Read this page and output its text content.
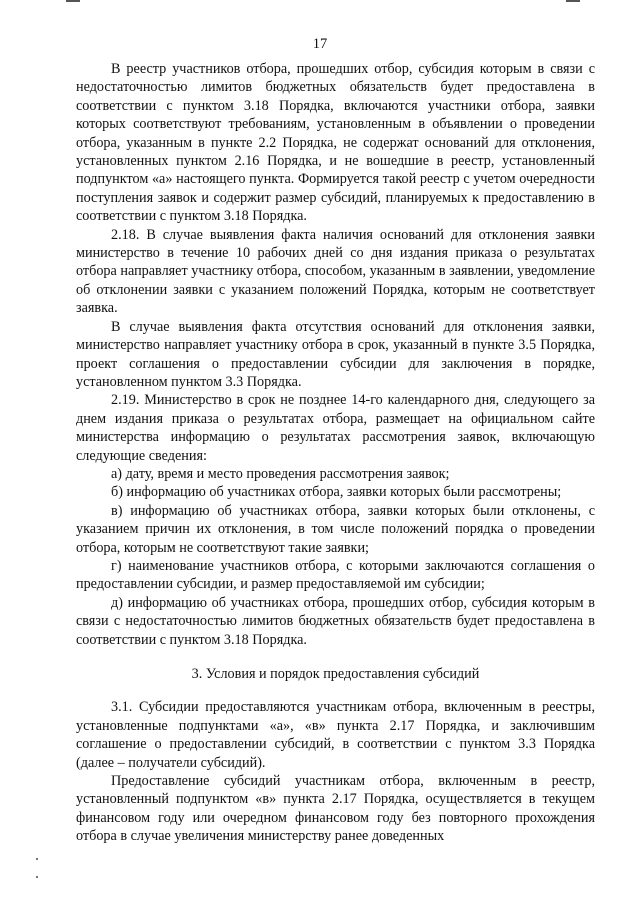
17

В реестр участников отбора, прошедших отбор, субсидия которым в связи с недостаточностью лимитов бюджетных обязательств будет предоставлена в соответствии с пунктом 3.18 Порядка, включаются участники отбора, заявки которых соответствуют требованиям, установленным в объявлении о проведении отбора, указанным в пункте 2.2 Порядка, не содержат оснований для отклонения, установленных пунктом 2.16 Порядка, и не вошедшие в реестр, установленный подпунктом «а» настоящего пункта. Формируется такой реестр с учетом очередности поступления заявок и содержит размер субсидий, планируемых к предоставлению в соответствии с пунктом 3.18 Порядка.

2.18. В случае выявления факта наличия оснований для отклонения заявки министерство в течение 10 рабочих дней со дня издания приказа о результатах отбора направляет участнику отбора, способом, указанным в заявлении, уведомление об отклонении заявки с указанием положений Порядка, которым не соответствует заявка.

В случае выявления факта отсутствия оснований для отклонения заявки, министерство направляет участнику отбора в срок, указанный в пункте 3.5 Порядка, проект соглашения о предоставлении субсидии для заключения в порядке, установленном пунктом 3.3 Порядка.

2.19. Министерство в срок не позднее 14-го календарного дня, следующего за днем издания приказа о результатах отбора, размещает на официальном сайте министерства информацию о результатах рассмотрения заявок, включающую следующие сведения:

а) дату, время и место проведения рассмотрения заявок;

б) информацию об участниках отбора, заявки которых были рассмотрены;

в) информацию об участниках отбора, заявки которых были отклонены, с указанием причин их отклонения, в том числе положений порядка о проведении отбора, которым не соответствуют такие заявки;

г) наименование участников отбора, с которыми заключаются соглашения о предоставлении субсидии, и размер предоставляемой им субсидии;

д) информацию об участниках отбора, прошедших отбор, субсидия которым в связи с недостаточностью лимитов бюджетных обязательств будет предоставлена в соответствии с пунктом 3.18 Порядка.

3. Условия и порядок предоставления субсидий

3.1. Субсидии предоставляются участникам отбора, включенным в реестры, установленные подпунктами «а», «в» пункта 2.17 Порядка, и заключившим соглашение о предоставлении субсидий, в соответствии с пунктом 3.3 Порядка (далее – получатели субсидий).

Предоставление субсидий участникам отбора, включенным в реестр, установленный подпунктом «в» пункта 2.17 Порядка, осуществляется в текущем финансовом году или очередном финансовом году без повторного прохождения отбора в случае увеличения министерству ранее доведенных
